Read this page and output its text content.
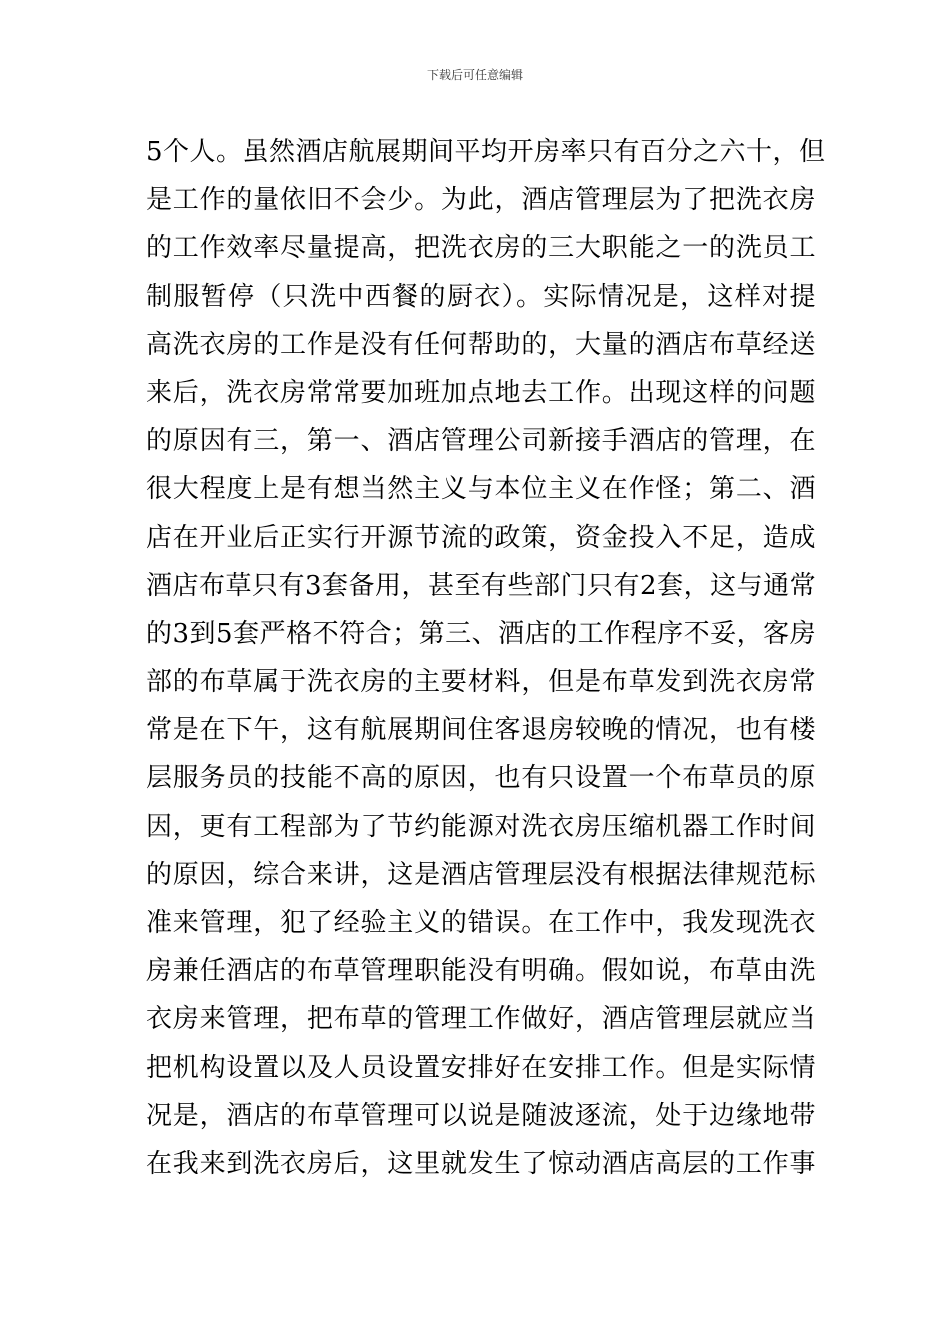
下载后可任意编辑
5个人。虽然酒店航展期间平均开房率只有百分之六十，但
是工作的量依旧不会少。为此，酒店管理层为了把洗衣房
的工作效率尽量提高，把洗衣房的三大职能之一的洗员工
制服暂停（只洗中西餐的厨衣）。实际情况是，这样对提
高洗衣房的工作是没有任何帮助的，大量的酒店布草经送
来后，洗衣房常常要加班加点地去工作。出现这样的问题
的原因有三，第一、酒店管理公司新接手酒店的管理，在
很大程度上是有想当然主义与本位主义在作怪；第二、酒
店在开业后正实行开源节流的政策，资金投入不足，造成
酒店布草只有3套备用，甚至有些部门只有2套，这与通常
的3到5套严格不符合；第三、酒店的工作程序不妥，客房
部的布草属于洗衣房的主要材料，但是布草发到洗衣房常
常是在下午，这有航展期间住客退房较晚的情况，也有楼
层服务员的技能不高的原因，也有只设置一个布草员的原
因，更有工程部为了节约能源对洗衣房压缩机器工作时间
的原因，综合来讲，这是酒店管理层没有根据法律规范标
准来管理，犯了经验主义的错误。在工作中，我发现洗衣
房兼任酒店的布草管理职能没有明确。假如说，布草由洗
衣房来管理，把布草的管理工作做好，酒店管理层就应当
把机构设置以及人员设置安排好在安排工作。但是实际情
况是，酒店的布草管理可以说是随波逐流，处于边缘地带
在我来到洗衣房后，这里就发生了惊动酒店高层的工作事
